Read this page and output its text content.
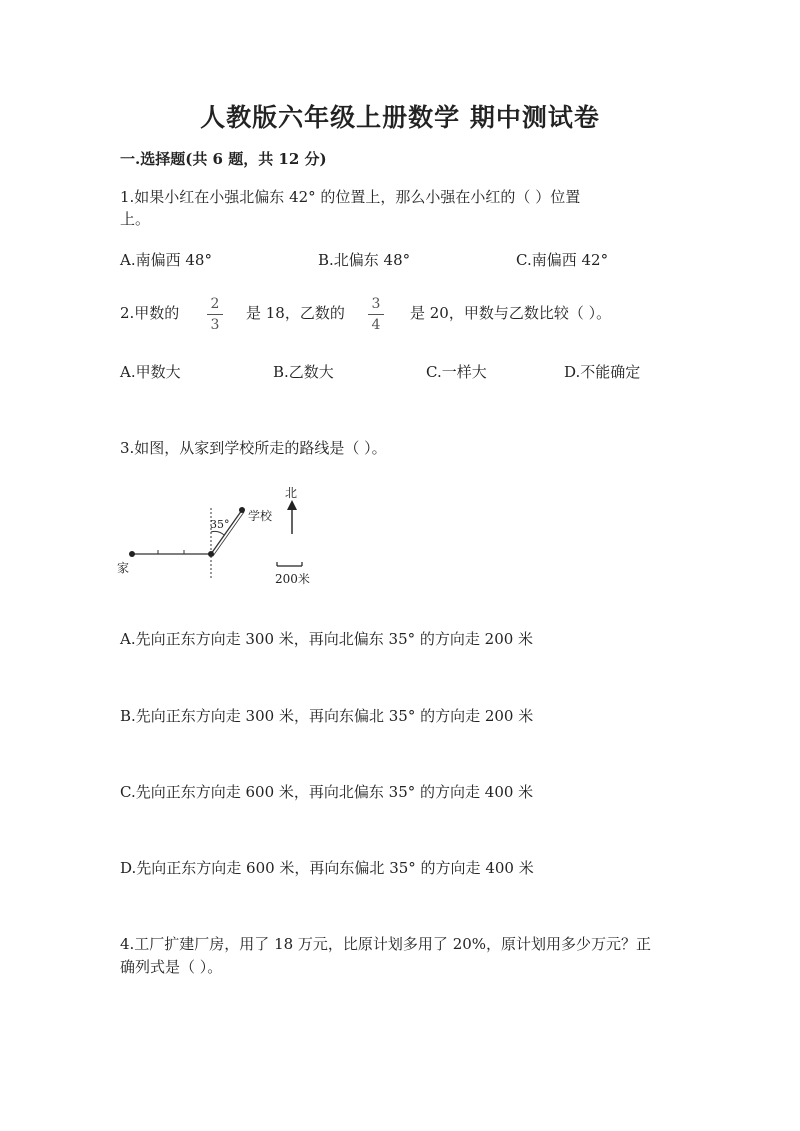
人教版六年级上册数学 期中测试卷
一.选择题(共 6 题，共 12 分)
1.如果小红在小强北偏东 42° 的位置上，那么小强在小红的（ ）位置
上。
A.南偏西 48°	B.北偏东 48°	C.南偏西 42°
2.甲数的	2
3
是 18，乙数的	3
4
是 20，甲数与乙数比较（ ）。
A.甲数大	B.乙数大	C.一样大	D.不能确定
3.如图，从家到学校所走的路线是（ ）。
家
学校
35°
北
200米
A.先向正东方向走 300 米，再向北偏东 35° 的方向走 200 米
B.先向正东方向走 300 米，再向东偏北 35° 的方向走 200 米
C.先向正东方向走 600 米，再向北偏东 35° 的方向走 400 米
D.先向正东方向走 600 米，再向东偏北 35° 的方向走 400 米
4.工厂扩建厂房，用了 18 万元，比原计划多用了 20%，原计划用多少万元？正
确列式是（ ）。
